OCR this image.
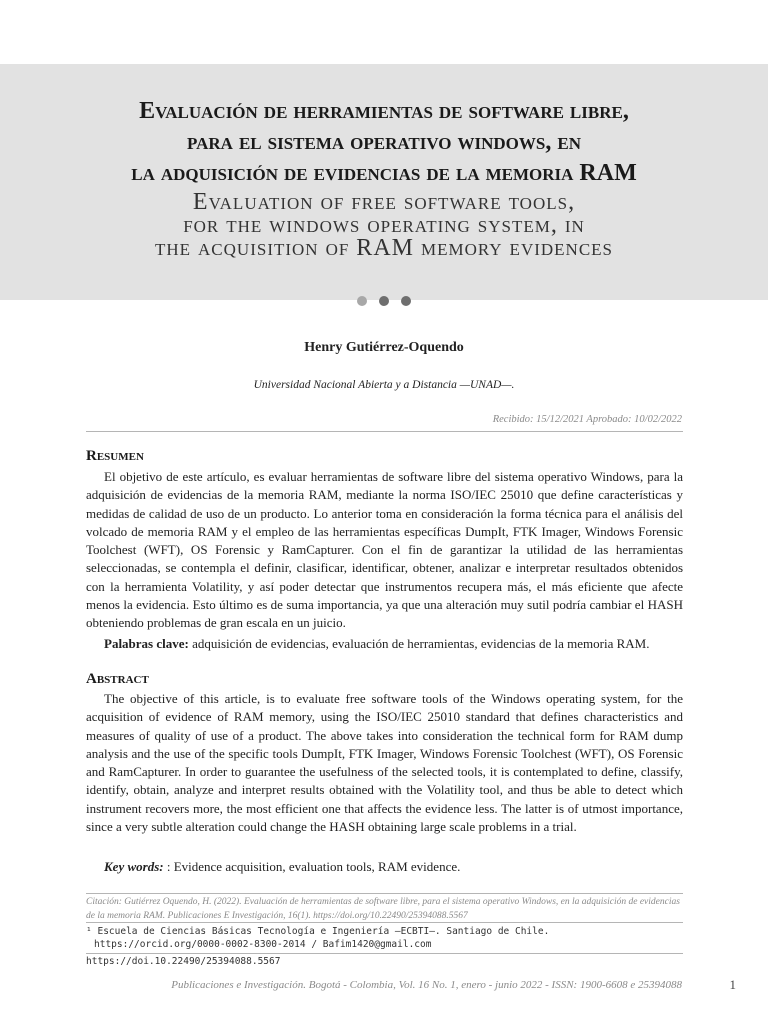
Evaluación de herramientas de software libre,
para el sistema operativo windows, en
la adquisición de evidencias de la memoria RAM
Evaluation of free software tools,
for the windows operating system, in
the acquisition of RAM memory evidences

Henry Gutiérrez-Oquendo
Universidad Nacional Abierta y a Distancia —UNAD—.
Recibido: 15/12/2021 Aprobado: 10/02/2022
Resumen
El objetivo de este artículo, es evaluar herramientas de software libre del sistema operativo Windows, para la adquisición de evidencias de la memoria RAM, mediante la norma ISO/IEC 25010 que define características y medidas de calidad de uso de un producto. Lo anterior toma en consideración la forma técnica para el análisis del volcado de memoria RAM y el empleo de las herramientas específicas DumpIt, FTK Imager, Windows Forensic Toolchest (WFT), OS Forensic y RamCapturer. Con el fin de garantizar la utilidad de las herramientas seleccionadas, se contempla el definir, clasificar, identificar, obtener, analizar e interpretar resultados obtenidos con la herramienta Volatility, y así poder detectar que instrumentos recupera más, el más eficiente que afecte menos la evidencia. Esto último es de suma importancia, ya que una alteración muy sutil podría cambiar el HASH obteniendo problemas de gran escala en un juicio.
Palabras clave: adquisición de evidencias, evaluación de herramientas, evidencias de la memoria RAM.
Abstract
The objective of this article, is to evaluate free software tools of the Windows operating system, for the acquisition of evidence of RAM memory, using the ISO/IEC 25010 standard that defines characteristics and measures of quality of use of a product. The above takes into consideration the technical form for RAM dump analysis and the use of the specific tools DumpIt, FTK Imager, Windows Forensic Toolchest (WFT), OS Forensic and RamCapturer. In order to guarantee the usefulness of the selected tools, it is contemplated to define, classify, identify, obtain, analyze and interpret results obtained with the Volatility tool, and thus be able to detect which instrument recovers more, the most efficient one that affects the evidence less. The latter is of utmost importance, since a very subtle alteration could change the HASH obtaining large scale problems in a trial.
Key words: : Evidence acquisition, evaluation tools, RAM evidence.
Citación: Gutiérrez Oquendo, H. (2022). Evaluación de herramientas de software libre, para el sistema operativo Windows, en la adquisición de evidencias de la memoria RAM. Publicaciones E Investigación, 16(1). https://doi.org/10.22490/25394088.5567
¹ Escuela de Ciencias Básicas Tecnología e Ingeniería —ECBTI—. Santiago de Chile.
https://orcid.org/0000-0002-8300-2014 / Bafim1420@gmail.com
https://doi.10.22490/25394088.5567
Publicaciones e Investigación. Bogotá - Colombia, Vol. 16 No. 1, enero - junio 2022 - ISSN: 1900-6608 e 25394088	1
